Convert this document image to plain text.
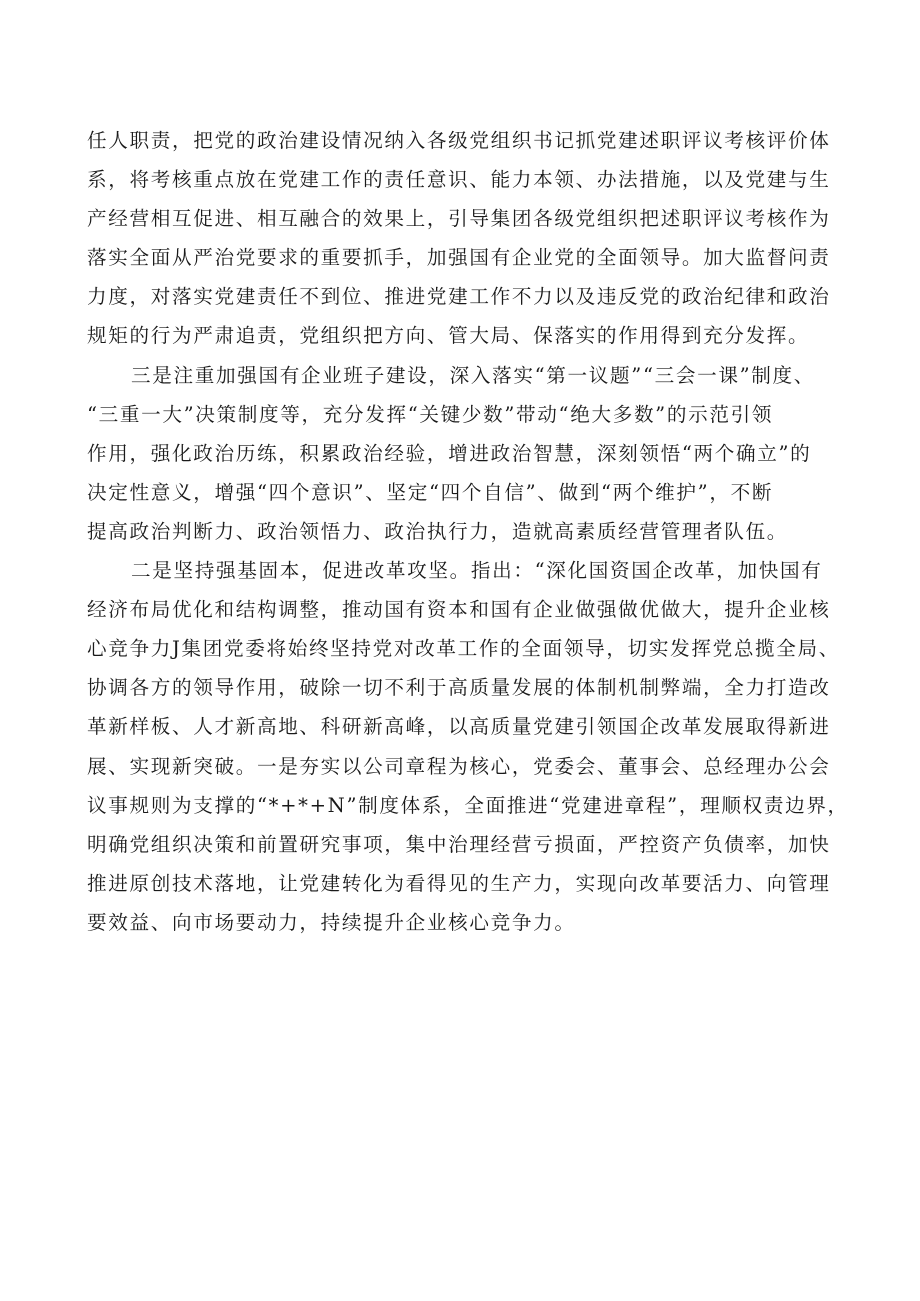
任人职责，把党的政治建设情况纳入各级党组织书记抓党建述职评议考核评价体
系，将考核重点放在党建工作的责任意识、能力本领、办法措施，以及党建与生
产经营相互促进、相互融合的效果上，引导集团各级党组织把述职评议考核作为
落实全面从严治党要求的重要抓手，加强国有企业党的全面领导。加大监督问责
力度，对落实党建责任不到位、推进党建工作不力以及违反党的政治纪律和政治
规矩的行为严肃追责，党组织把方向、管大局、保落实的作用得到充分发挥。

三是注重加强国有企业班子建设，深入落实“第一议题”“三会一课”制度、
“三重一大”决策制度等，充分发挥“关键少数”带动“绝大多数”的示范引领
作用，强化政治历练，积累政治经验，增进政治智慧，深刻领悟“两个确立”的
决定性意义，增强“四个意识”、坚定“四个自信”、做到“两个维护”，不断
提高政治判断力、政治领悟力、政治执行力，造就高素质经营管理者队伍。

二是坚持强基固本，促进改革攻坚。指出：“深化国资国企改革，加快国有
经济布局优化和结构调整，推动国有资本和国有企业做强做优做大，提升企业核
心竞争力J集团党委将始终坚持党对改革工作的全面领导，切实发挥党总揽全局、
协调各方的领导作用，破除一切不利于高质量发展的体制机制弊端，全力打造改
革新样板、人才新高地、科研新高峰，以高质量党建引领国企改革发展取得新进
展、实现新突破。一是夯实以公司章程为核心，党委会、董事会、总经理办公会
议事规则为支撑的“*+*+N”制度体系，全面推进“党建进章程”，理顺权责边界，
明确党组织决策和前置研究事项，集中治理经营亏损面，严控资产负债率，加快
推进原创技术落地，让党建转化为看得见的生产力，实现向改革要活力、向管理
要效益、向市场要动力，持续提升企业核心竞争力。
